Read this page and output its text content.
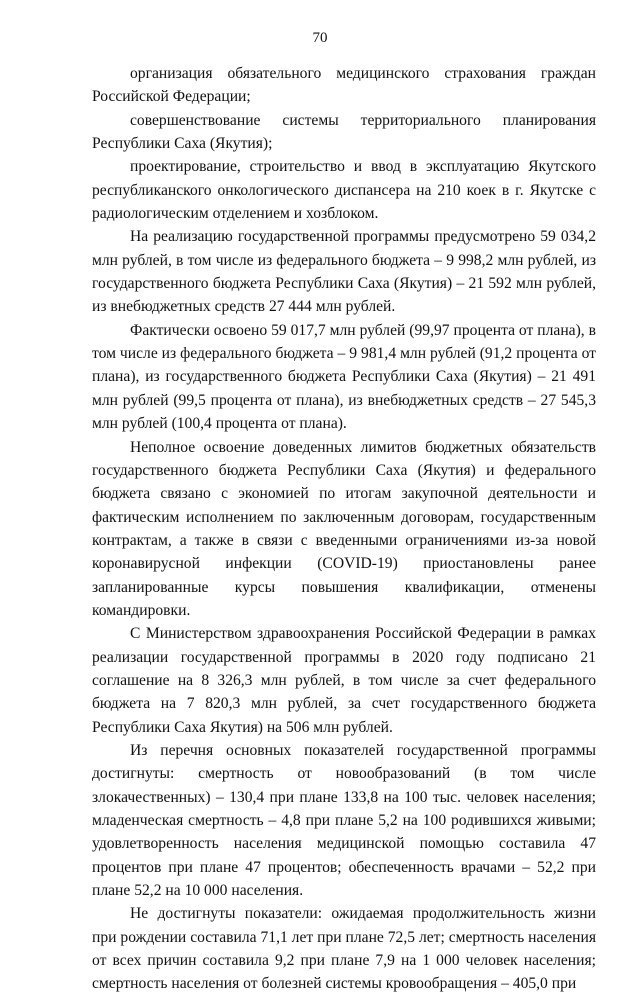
70

организация обязательного медицинского страхования граждан Российской Федерации;

совершенствование системы территориального планирования Республики Саха (Якутия);

проектирование, строительство и ввод в эксплуатацию Якутского республиканского онкологического диспансера на 210 коек в г. Якутске с радиологическим отделением и хозблоком.

На реализацию государственной программы предусмотрено 59 034,2 млн рублей, в том числе из федерального бюджета – 9 998,2 млн рублей, из государственного бюджета Республики Саха (Якутия) – 21 592 млн рублей, из внебюджетных средств 27 444 млн рублей.

Фактически освоено 59 017,7 млн рублей (99,97 процента от плана), в том числе из федерального бюджета – 9 981,4 млн рублей (91,2 процента от плана), из государственного бюджета Республики Саха (Якутия) – 21 491 млн рублей (99,5 процента от плана), из внебюджетных средств – 27 545,3 млн рублей (100,4 процента от плана).

Неполное освоение доведенных лимитов бюджетных обязательств государственного бюджета Республики Саха (Якутия) и федерального бюджета связано с экономией по итогам закупочной деятельности и фактическим исполнением по заключенным договорам, государственным контрактам, а также в связи с введенными ограничениями из-за новой коронавирусной инфекции (COVID-19) приостановлены ранее запланированные курсы повышения квалификации, отменены командировки.

С Министерством здравоохранения Российской Федерации в рамках реализации государственной программы в 2020 году подписано 21 соглашение на 8 326,3 млн рублей, в том числе за счет федерального бюджета на 7 820,3 млн рублей, за счет государственного бюджета Республики Саха Якутия) на 506 млн рублей.

Из перечня основных показателей государственной программы достигнуты: смертность от новообразований (в том числе злокачественных) – 130,4 при плане 133,8 на 100 тыс. человек населения; младенческая смертность – 4,8 при плане 5,2 на 100 родившихся живыми; удовлетворенность населения медицинской помощью составила 47 процентов при плане 47 процентов; обеспеченность врачами – 52,2 при плане 52,2 на 10 000 населения.

Не достигнуты показатели: ожидаемая продолжительность жизни при рождении составила 71,1 лет при плане 72,5 лет; смертность населения от всех причин составила 9,2 при плане 7,9 на 1 000 человек населения; смертность населения от болезней системы кровообращения – 405,0 при
